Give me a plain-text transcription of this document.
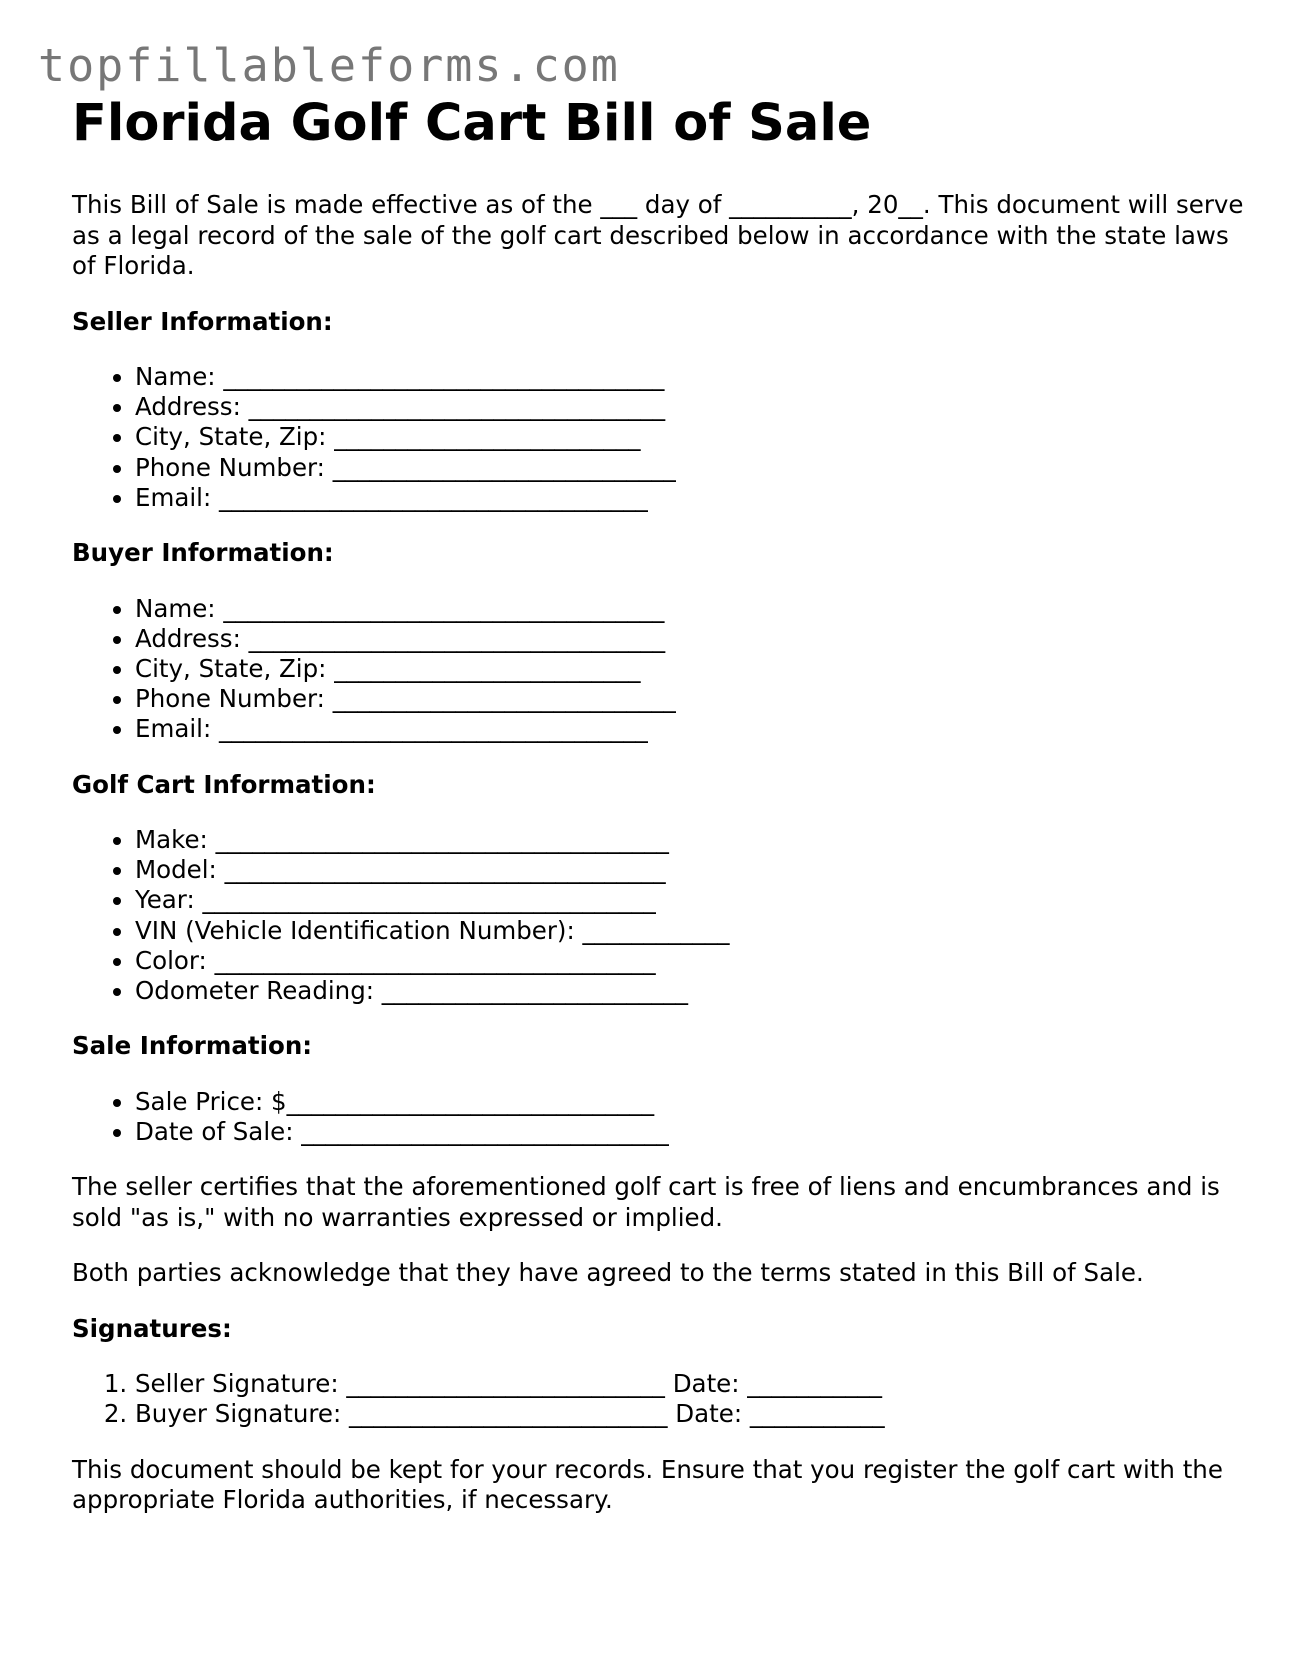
topfillableforms.com
Florida Golf Cart Bill of Sale

This Bill of Sale is made effective as of the ___ day of __________, 20__. This document will serve as a legal record of the sale of the golf cart described below in accordance with the state laws of Florida.

Seller Information:
• Name: ____________________________________
• Address: __________________________________
• City, State, Zip: _________________________
• Phone Number: ____________________________
• Email: ___________________________________
Buyer Information:
• Name: ____________________________________
• Address: __________________________________
• City, State, Zip: _________________________
• Phone Number: ____________________________
• Email: ___________________________________
Golf Cart Information:
• Make: _____________________________________
• Model: ____________________________________
• Year: _____________________________________
• VIN (Vehicle Identification Number): ____________
• Color: ____________________________________
• Odometer Reading: _________________________
Sale Information:
• Sale Price: $______________________________
• Date of Sale: ______________________________

The seller certifies that the aforementioned golf cart is free of liens and encumbrances and is sold "as is," with no warranties expressed or implied.

Both parties acknowledge that they have agreed to the terms stated in this Bill of Sale.

Signatures:
1. Seller Signature: __________________________ Date: ___________
2. Buyer Signature: __________________________ Date: ___________

This document should be kept for your records. Ensure that you register the golf cart with the appropriate Florida authorities, if necessary.
